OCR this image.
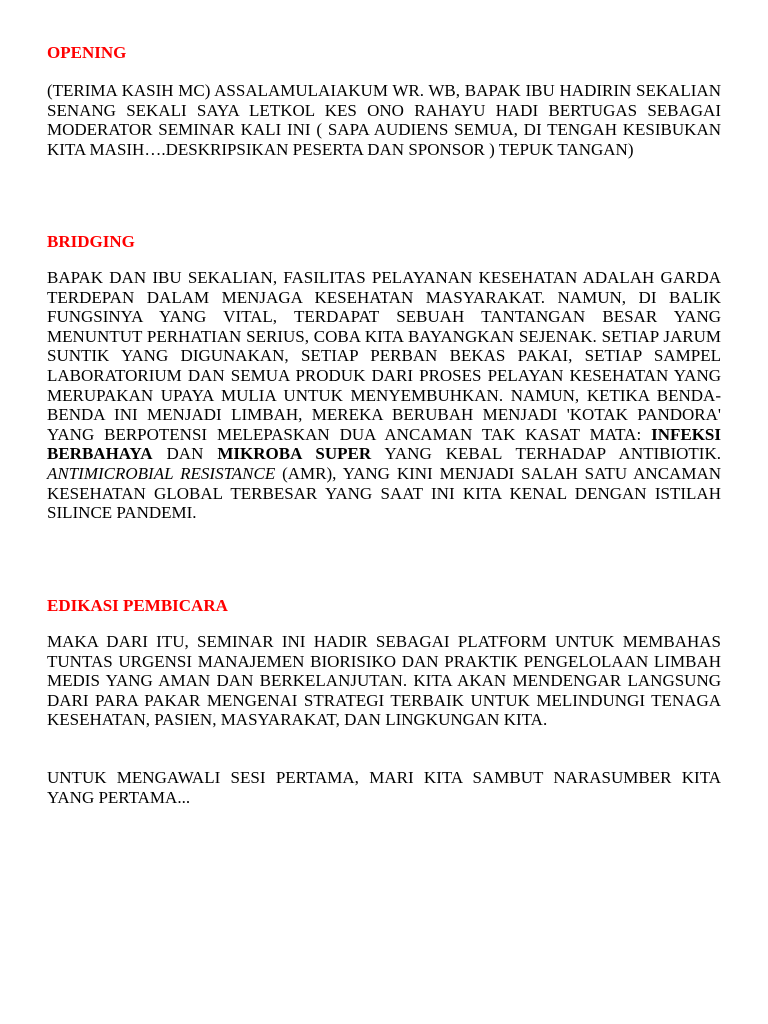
OPENING

(TERIMA KASIH MC) ASSALAMULAIAKUM WR. WB, BAPAK IBU HADIRIN SEKALIAN SENANG SEKALI SAYA LETKOL KES ONO RAHAYU HADI BERTUGAS SEBAGAI MODERATOR SEMINAR KALI INI ( SAPA AUDIENS SEMUA, DI TENGAH KESIBUKAN KITA MASIH….DESKRIPSIKAN PESERTA DAN SPONSOR ) TEPUK TANGAN)

BRIDGING

BAPAK DAN IBU SEKALIAN, FASILITAS PELAYANAN KESEHATAN ADALAH GARDA TERDEPAN DALAM MENJAGA KESEHATAN MASYARAKAT. NAMUN, DI BALIK FUNGSINYA YANG VITAL, TERDAPAT SEBUAH TANTANGAN BESAR YANG MENUNTUT PERHATIAN SERIUS, COBA KITA BAYANGKAN SEJENAK. SETIAP JARUM SUNTIK YANG DIGUNAKAN, SETIAP PERBAN BEKAS PAKAI, SETIAP SAMPEL LABORATORIUM DAN SEMUA PRODUK DARI PROSES PELAYAN KESEHATAN YANG MERUPAKAN UPAYA MULIA UNTUK MENYEMBUHKAN. NAMUN, KETIKA BENDA-BENDA INI MENJADI LIMBAH, MEREKA BERUBAH MENJADI 'KOTAK PANDORA' YANG BERPOTENSI MELEPASKAN DUA ANCAMAN TAK KASAT MATA: INFEKSI BERBAHAYA DAN MIKROBA SUPER YANG KEBAL TERHADAP ANTIBIOTIK. ANTIMICROBIAL RESISTANCE (AMR), YANG KINI MENJADI SALAH SATU ANCAMAN KESEHATAN GLOBAL TERBESAR YANG SAAT INI KITA KENAL DENGAN ISTILAH SILINCE PANDEMI.

EDIKASI PEMBICARA

MAKA DARI ITU, SEMINAR INI HADIR SEBAGAI PLATFORM UNTUK MEMBAHAS TUNTAS URGENSI MANAJEMEN BIORISIKO DAN PRAKTIK PENGELOLAAN LIMBAH MEDIS YANG AMAN DAN BERKELANJUTAN. KITA AKAN MENDENGAR LANGSUNG DARI PARA PAKAR MENGENAI STRATEGI TERBAIK UNTUK MELINDUNGI TENAGA KESEHATAN, PASIEN, MASYARAKAT, DAN LINGKUNGAN KITA.

UNTUK MENGAWALI SESI PERTAMA, MARI KITA SAMBUT NARASUMBER KITA YANG PERTAMA...
